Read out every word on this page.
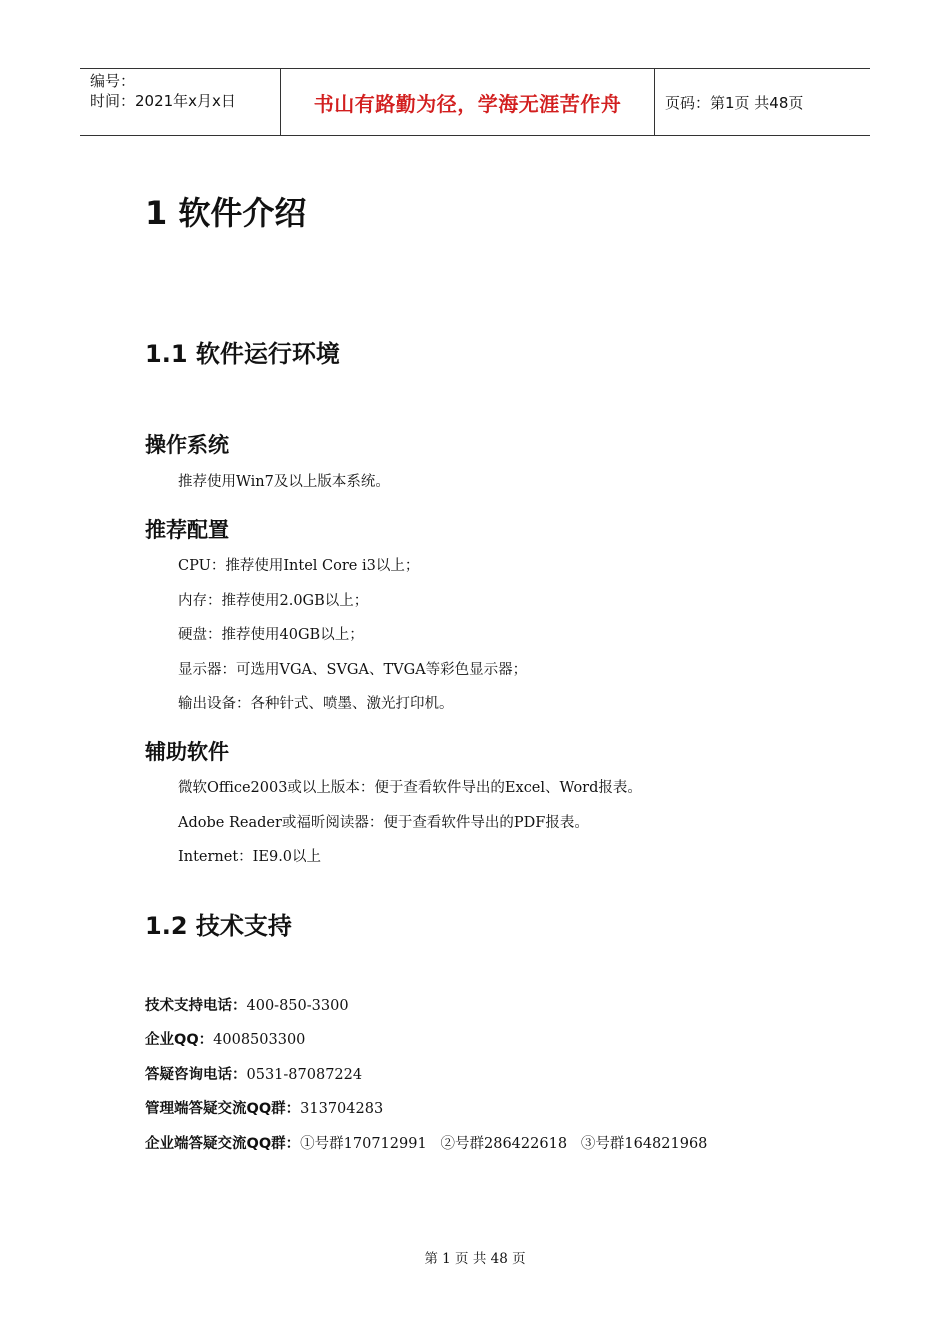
编号：
时间：2021年x月x日	书山有路勤为径，学海无涯苦作舟	页码：第1页 共48页
1 软件介绍
1.1 软件运行环境
操作系统
推荐使用Win7及以上版本系统。
推荐配置
CPU：推荐使用Intel Core i3以上；
内存：推荐使用2.0GB以上；
硬盘：推荐使用40GB以上；
显示器：可选用VGA、SVGA、TVGA等彩色显示器；
输出设备：各种针式、喷墨、激光打印机。
辅助软件
微软Office2003或以上版本：便于查看软件导出的Excel、Word报表。
Adobe Reader或福昕阅读器：便于查看软件导出的PDF报表。
Internet：IE9.0以上
1.2 技术支持
技术支持电话：400-850-3300
企业QQ：4008503300
答疑咨询电话：0531-87087224
管理端答疑交流QQ群：313704283
企业端答疑交流QQ群：①号群170712991   ②号群286422618   ③号群164821968
第 1 页 共 48 页
